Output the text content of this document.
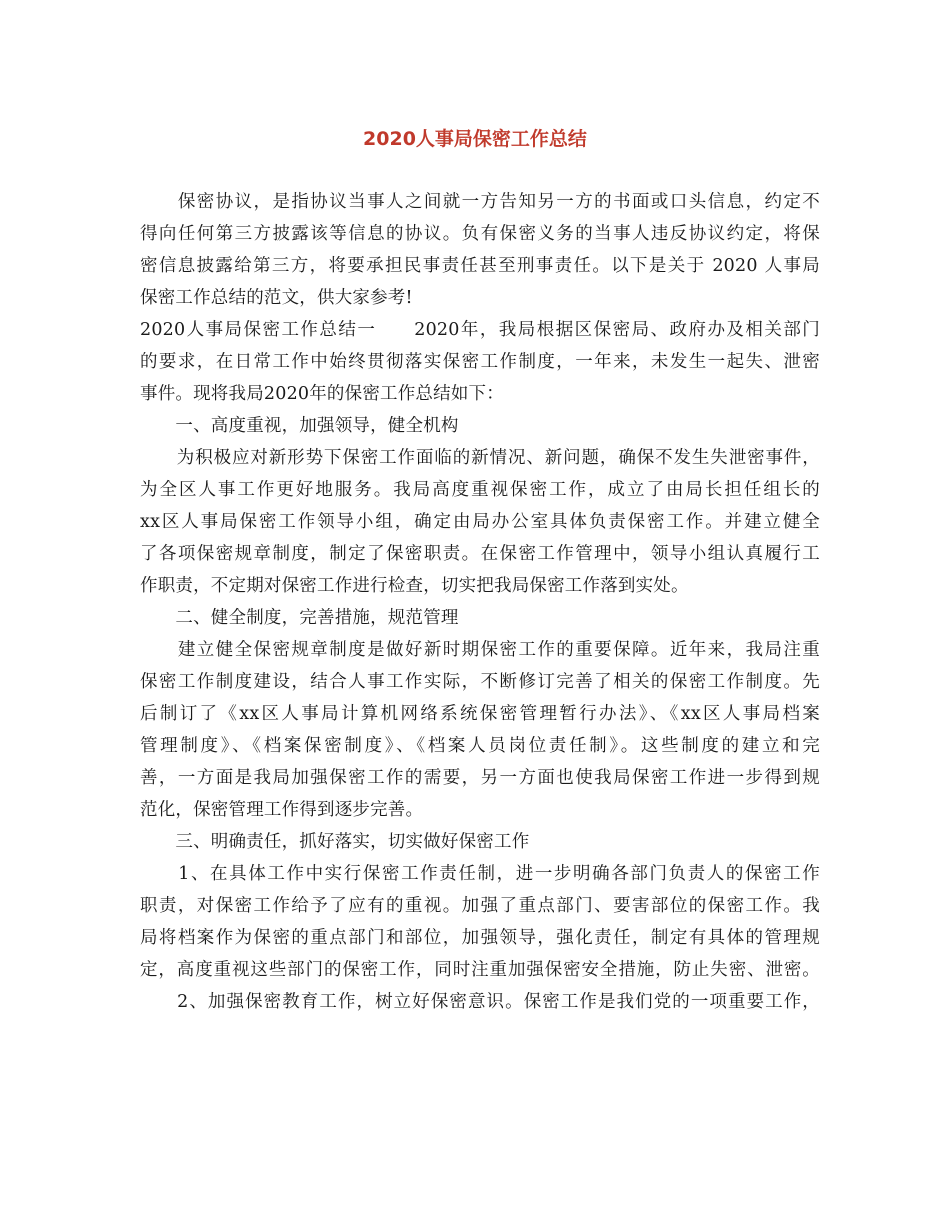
2020人事局保密工作总结
　　保密协议，是指协议当事人之间就一方告知另一方的书面或口头信息，约定不
得向任何第三方披露该等信息的协议。负有保密义务的当事人违反协议约定，将保
密信息披露给第三方，将要承担民事责任甚至刑事责任。以下是关于 2020 人事局
保密工作总结的范文，供大家参考!
2020人事局保密工作总结一　　2020年，我局根据区保密局、政府办及相关部门
的要求，在日常工作中始终贯彻落实保密工作制度，一年来，未发生一起失、泄密
事件。现将我局2020年的保密工作总结如下：
　　一、高度重视，加强领导，健全机构
　　为积极应对新形势下保密工作面临的新情况、新问题，确保不发生失泄密事件，
为全区人事工作更好地服务。我局高度重视保密工作，成立了由局长担任组长的
xx区人事局保密工作领导小组，确定由局办公室具体负责保密工作。并建立健全
了各项保密规章制度，制定了保密职责。在保密工作管理中，领导小组认真履行工
作职责，不定期对保密工作进行检查，切实把我局保密工作落到实处。
　　二、健全制度，完善措施，规范管理
　　建立健全保密规章制度是做好新时期保密工作的重要保障。近年来，我局注重
保密工作制度建设，结合人事工作实际，不断修订完善了相关的保密工作制度。先
后制订了《xx区人事局计算机网络系统保密管理暂行办法》、《xx区人事局档案
管理制度》、《档案保密制度》、《档案人员岗位责任制》。这些制度的建立和完
善，一方面是我局加强保密工作的需要，另一方面也使我局保密工作进一步得到规
范化，保密管理工作得到逐步完善。
　　三、明确责任，抓好落实，切实做好保密工作
　　1、在具体工作中实行保密工作责任制，进一步明确各部门负责人的保密工作
职责，对保密工作给予了应有的重视。加强了重点部门、要害部位的保密工作。我
局将档案作为保密的重点部门和部位，加强领导，强化责任，制定有具体的管理规
定，高度重视这些部门的保密工作，同时注重加强保密安全措施，防止失密、泄密。
　　2、加强保密教育工作，树立好保密意识。保密工作是我们党的一项重要工作，
